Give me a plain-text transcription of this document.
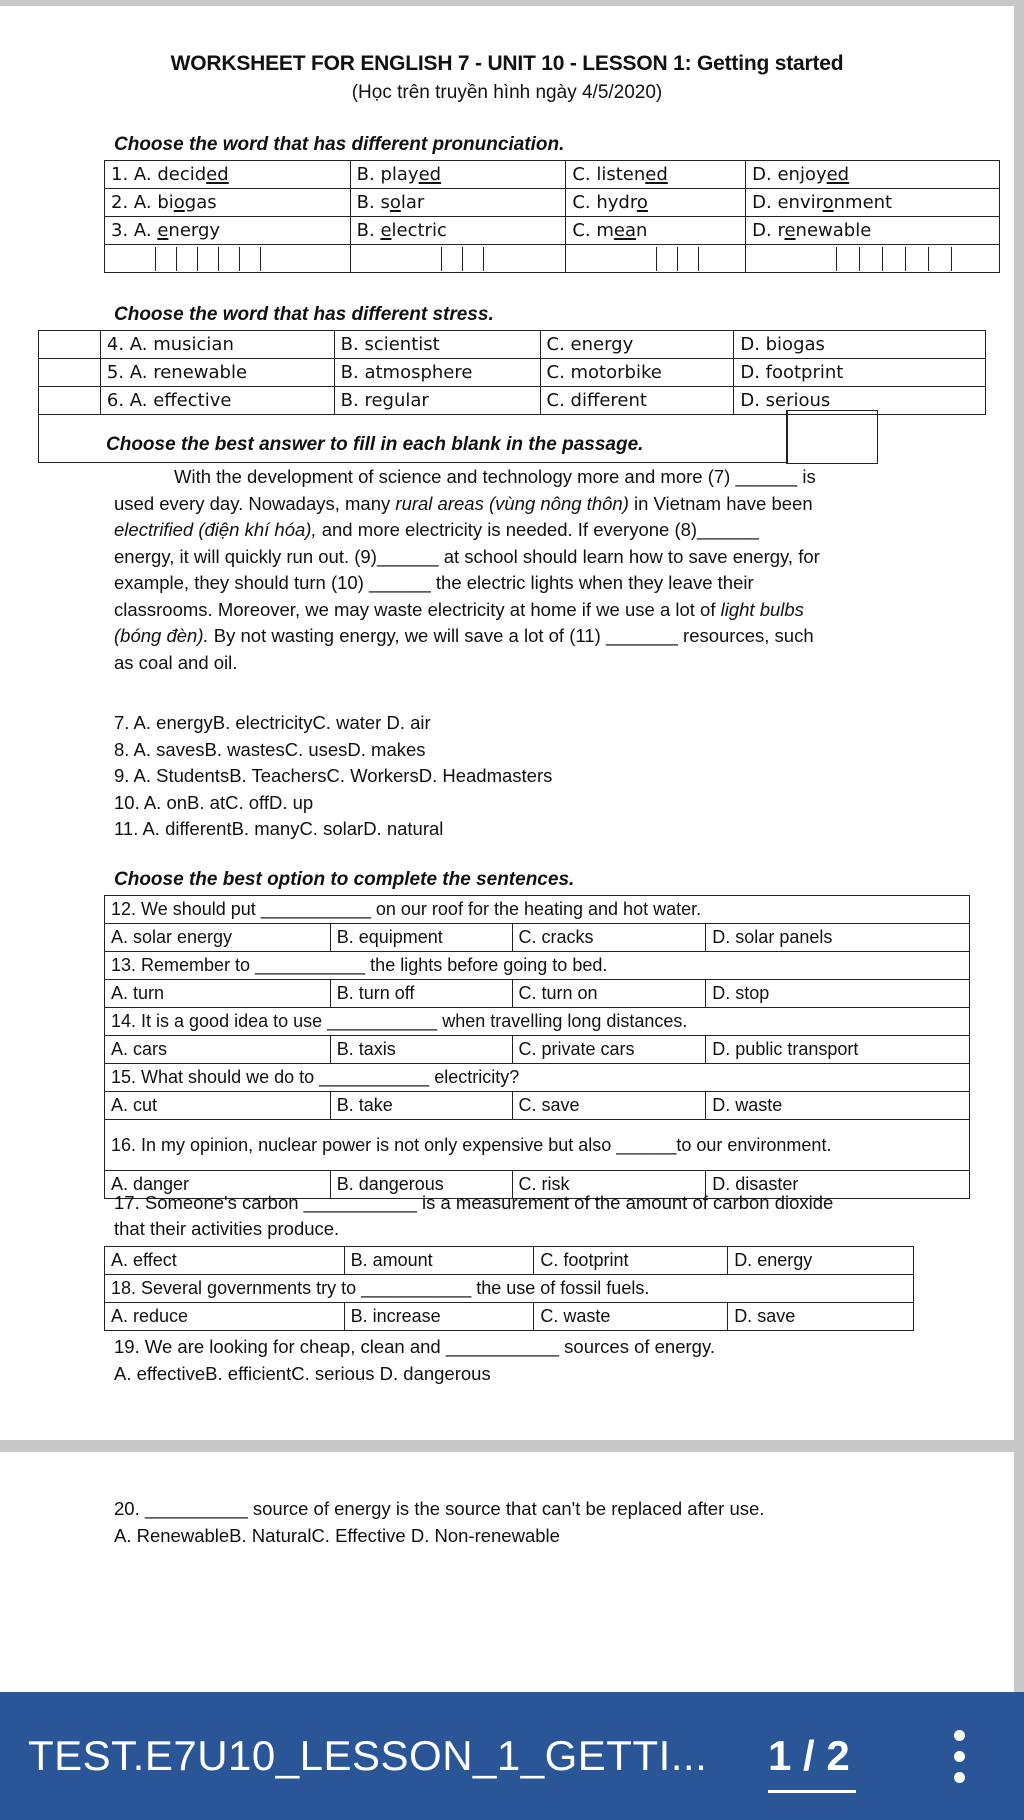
WORKSHEET FOR ENGLISH 7 - UNIT 10 - LESSON 1: Getting started
(Học trên truyền hình ngày 4/5/2020)
Choose the word that has different pronunciation.
1. A. decided	B. played	C. listened	D. enjoyed
2. A. biogas	B. solar	C. hydro	D. environment
3. A. energy	B. electric	C. mean	D. renewable

Choose the word that has different stress.
	4. A. musician	B. scientist	C. energy	D. biogas
	5. A. renewable	B. atmosphere	C. motorbike	D. footprint
	6. A. effective	B. regular	C. different	D. serious
Choose the best answer to fill in each blank in the passage.
With the development of science and technology more and more (7) ______ is
used every day. Nowadays, many rural areas (vùng nông thôn) in Vietnam have been
electrified (điện khí hóa), and more electricity is needed. If everyone (8)______
energy, it will quickly run out. (9)______ at school should learn how to save energy, for
example, they should turn (10) ______ the electric lights when they leave their
classrooms. Moreover, we may waste electricity at home if we use a lot of light bulbs
(bóng đèn). By not wasting energy, we will save a lot of (11) _______ resources, such
as coal and oil.
7. A. energyB. electricityC. water D. air
8. A. savesB. wastesC. usesD. makes
9. A. StudentsB. TeachersC. WorkersD. Headmasters
10. A. onB. atC. offD. up
11. A. differentB. manyC. solarD. natural
Choose the best option to complete the sentences.
12. We should put ___________ on our roof for the heating and hot water.			
A. solar energy	B. equipment	C. cracks	D. solar panels
13. Remember to ___________ the lights before going to bed.			
A. turn	B. turn off	C. turn on	D. stop
14. It is a good idea to use ___________ when travelling long distances.			
A. cars	B. taxis	C. private cars	D. public transport
15. What should we do to ___________ electricity?			
A. cut	B. take	C. save	D. waste
16. In my opinion, nuclear power is not only expensive but also ______to our environment.			
A. danger	B. dangerous	C. risk	D. disaster
17. Someone's carbon ___________ is a measurement of the amount of carbon dioxide
that their activities produce.
A. effect	B. amount	C. footprint	D. energy
18. Several governments try to ___________ the use of fossil fuels.			
A. reduce	B. increase	C. waste	D. save
19. We are looking for cheap, clean and ___________ sources of energy.
A. effectiveB. efficientC. serious D. dangerous
20. __________ source of energy is the source that can't be replaced after use.
A. RenewableB. NaturalC. Effective D. Non-renewable
TEST.E7U10_LESSON_1_GETTI... 1 / 2
